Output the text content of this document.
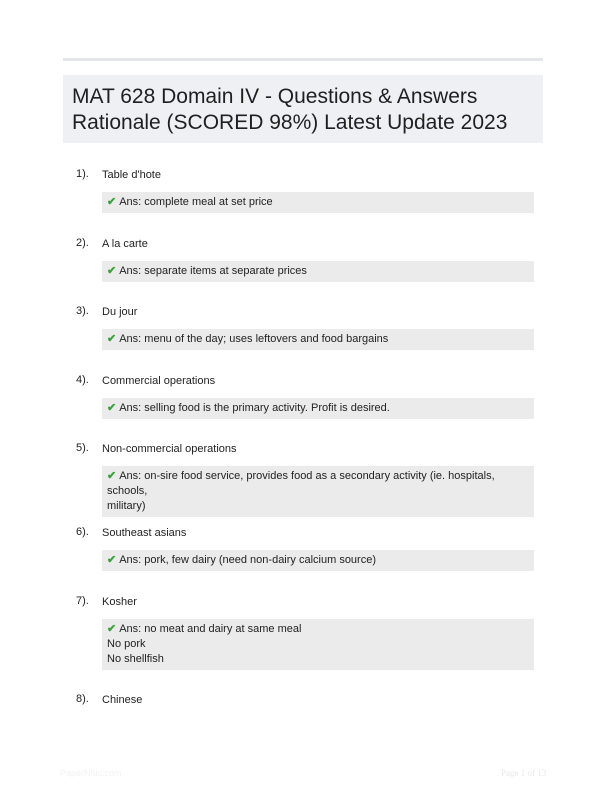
MAT 628 Domain IV - Questions & Answers Rationale (SCORED 98%) Latest Update 2023
1). Table d'hote
✔ Ans: complete meal at set price
2). A la carte
✔ Ans: separate items at separate prices
3). Du jour
✔ Ans: menu of the day; uses leftovers and food bargains
4). Commercial operations
✔ Ans: selling food is the primary activity. Profit is desired.
5). Non-commercial operations
✔ Ans: on-sire food service, provides food as a secondary activity (ie. hospitals, schools,
military)
6). Southeast asians
✔ Ans: pork, few dairy (need non-dairy calcium source)
7). Kosher
✔ Ans: no meat and dairy at same meal
No pork
No shellfish
8). Chinese
PaperNftic.com	Page 1 of 13
